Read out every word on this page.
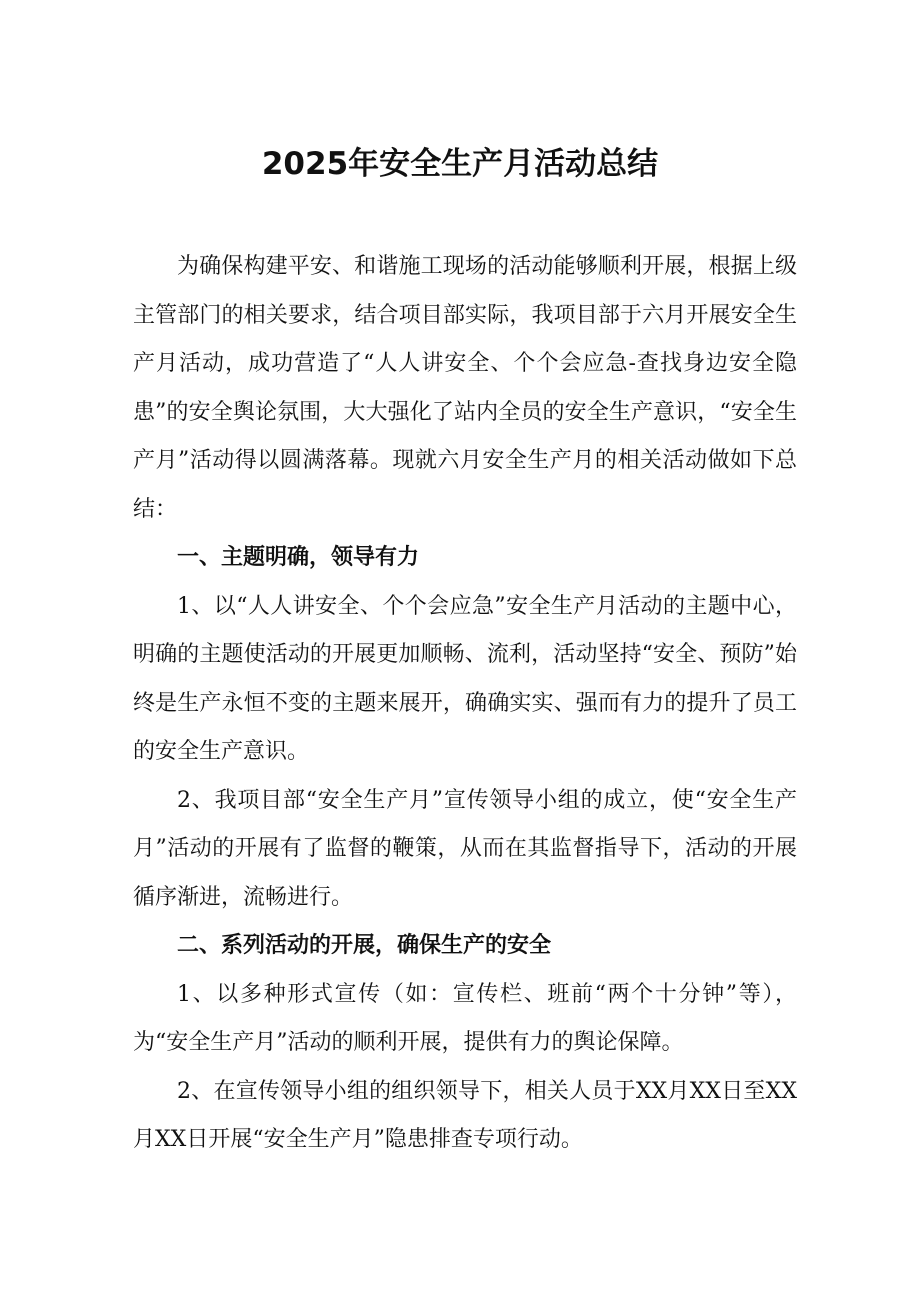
2025年安全生产月活动总结

为确保构建平安、和谐施工现场的活动能够顺利开展，根据上级主管部门的相关要求，结合项目部实际，我项目部于六月开展安全生产月活动，成功营造了“人人讲安全、个个会应急-查找身边安全隐患”的安全舆论氛围，大大强化了站内全员的安全生产意识，“安全生产月”活动得以圆满落幕。现就六月安全生产月的相关活动做如下总结：

一、主题明确，领导有力

1、以“人人讲安全、个个会应急”安全生产月活动的主题中心，明确的主题使活动的开展更加顺畅、流利，活动坚持“安全、预防”始终是生产永恒不变的主题来展开，确确实实、强而有力的提升了员工的安全生产意识。

2、我项目部“安全生产月”宣传领导小组的成立，使“安全生产月”活动的开展有了监督的鞭策，从而在其监督指导下，活动的开展循序渐进，流畅进行。

二、系列活动的开展，确保生产的安全

1、以多种形式宣传（如：宣传栏、班前“两个十分钟”等），为“安全生产月”活动的顺利开展，提供有力的舆论保障。

2、在宣传领导小组的组织领导下，相关人员于XX月XX日至XX月XX日开展“安全生产月”隐患排查专项行动。
